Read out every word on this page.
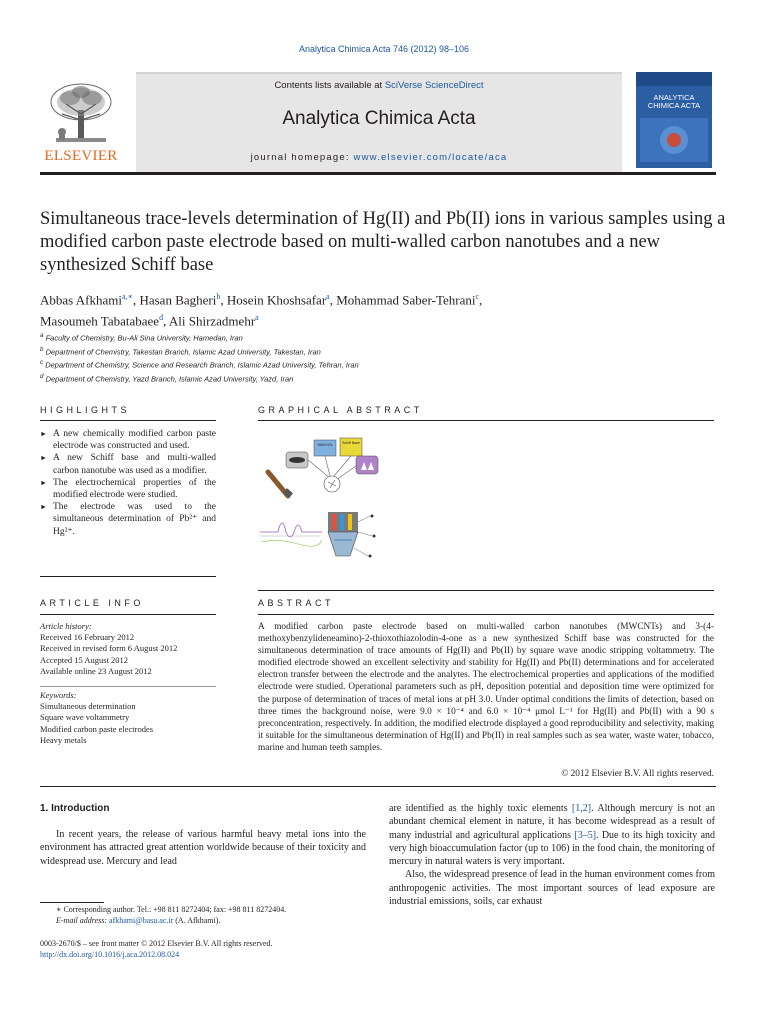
Analytica Chimica Acta 746 (2012) 98–106
ELSEVIER
Contents lists available at SciVerse ScienceDirect
Analytica Chimica Acta
journal homepage: www.elsevier.com/locate/aca
ANALYTICA
CHIMICA ACTA
Simultaneous trace-levels determination of Hg(II) and Pb(II) ions in various samples using a modified carbon paste electrode based on multi-walled carbon nanotubes and a new synthesized Schiff base
Abbas Afkhami$^{a,∗}$, Hasan Bagheri$^b$, Hosein Khoshsafar$^a$, Mohammad Saber-Tehrani$^c$,
Masoumeh Tabatabaee$^d$, Ali Shirzadmehr$^a$
$^a$ Faculty of Chemistry, Bu-Ali Sina University, Hamedan, Iran
$^b$ Department of Chemistry, Takestan Branch, Islamic Azad University, Takestan, Iran
$^c$ Department of Chemistry, Science and Research Branch, Islamic Azad University, Tehran, Iran
$^d$ Department of Chemistry, Yazd Branch, Islamic Azad University, Yazd, Iran
HIGHLIGHTS
► A new chemically modified carbon paste electrode was constructed and used.
► A new Schiff base and multi-walled carbon nanotube was used as a modifier.
► The electrochemical properties of the modified electrode were studied.
► The electrode was used to the simultaneous determination of Pb²⁺ and Hg²⁺.
GRAPHICAL ABSTRACT
MWCNTs	Schiff Base
ARTICLE INFO
Article history:
Received 16 February 2012
Received in revised form 6 August 2012
Accepted 15 August 2012
Available online 23 August 2012
Keywords:
Simultaneous determination
Square wave voltammetry
Modified carbon paste electrodes
Heavy metals
ABSTRACT
A modified carbon paste electrode based on multi-walled carbon nanotubes (MWCNTs) and 3-(4-methoxybenzylideneamino)-2-thioxothiazolodin-4-one as a new synthesized Schiff base was constructed for the simultaneous determination of trace amounts of Hg(II) and Pb(II) by square wave anodic stripping voltammetry. The modified electrode showed an excellent selectivity and stability for Hg(II) and Pb(II) determinations and for accelerated electron transfer between the electrode and the analytes. The electrochemical properties and applications of the modified electrode were studied. Operational parameters such as pH, deposition potential and deposition time were optimized for the purpose of determination of traces of metal ions at pH 3.0. Under optimal conditions the limits of detection, based on three times the background noise, were 9.0 × 10⁻⁴ and 6.0 × 10⁻⁴ μmol L⁻¹ for Hg(II) and Pb(II) with a 90 s preconcentration, respectively. In addition, the modified electrode displayed a good reproducibility and selectivity, making it suitable for the simultaneous determination of Hg(II) and Pb(II) in real samples such as sea water, waste water, tobacco, marine and human teeth samples.
© 2012 Elsevier B.V. All rights reserved.
1. Introduction
In recent years, the release of various harmful heavy metal ions into the environment has attracted great attention worldwide because of their toxicity and widespread use. Mercury and lead

are identified as the highly toxic elements [1,2]. Although mercury is not an abundant chemical element in nature, it has become widespread as a result of many industrial and agricultural applications [3–5]. Due to its high toxicity and very high bioaccumulation factor (up to 106) in the food chain, the monitoring of mercury in natural waters is very important.

Also, the widespread presence of lead in the human environment comes from anthropogenic activities. The most important sources of lead exposure are industrial emissions, soils, car exhaust

∗ Corresponding author. Tel.: +98 811 8272404; fax: +98 811 8272404.
E-mail address: afkhami@basu.ac.ir (A. Afkhami).
0003-2670/$ – see front matter © 2012 Elsevier B.V. All rights reserved.
http://dx.doi.org/10.1016/j.aca.2012.08.024
